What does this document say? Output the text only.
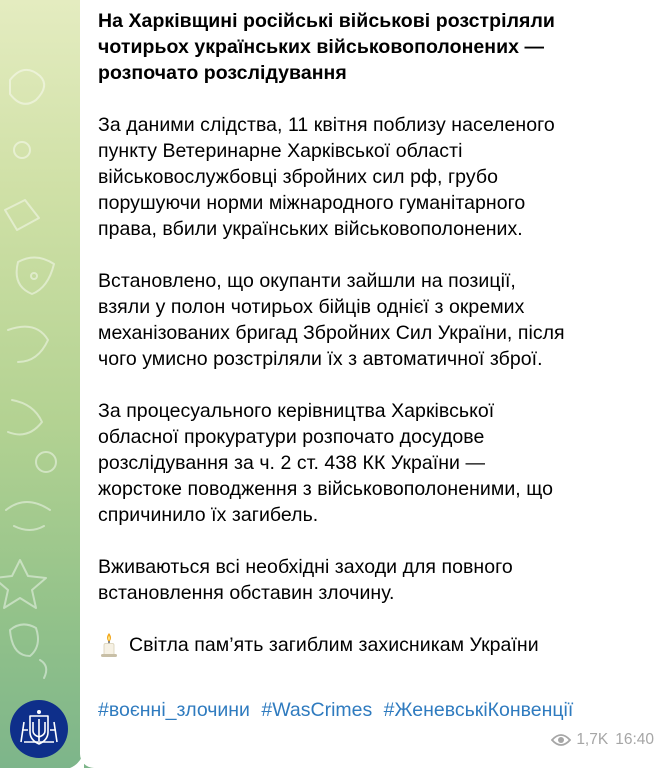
На Харківщині російські військові розстріляли
чотирьох українських військовополонених —
розпочато розслідування
За даними слідства, 11 квітня поблизу населеного
пункту Ветеринарне Харківської області
військовослужбовці збройних сил рф, грубо
порушуючи норми міжнародного гуманітарного
права, вбили українських військовополонених.
Встановлено, що окупанти зайшли на позиції,
взяли у полон чотирьох бійців однієї з окремих
механізованих бригад Збройних Сил України, після
чого умисно розстріляли їх з автоматичної зброї.
За процесуального керівництва Харківської
обласної прокуратури розпочато досудове
розслідування за ч. 2 ст. 438 КК України —
жорстоке поводження з військовополоненими, що
спричинило їх загибель.
Вживаються всі необхідні заходи для повного
встановлення обставин злочину.
Світла пам’ять загиблим захисникам України
#воєнні_злочини #WasCrimes #ЖеневськіКонвенції
1,7K 16:40
